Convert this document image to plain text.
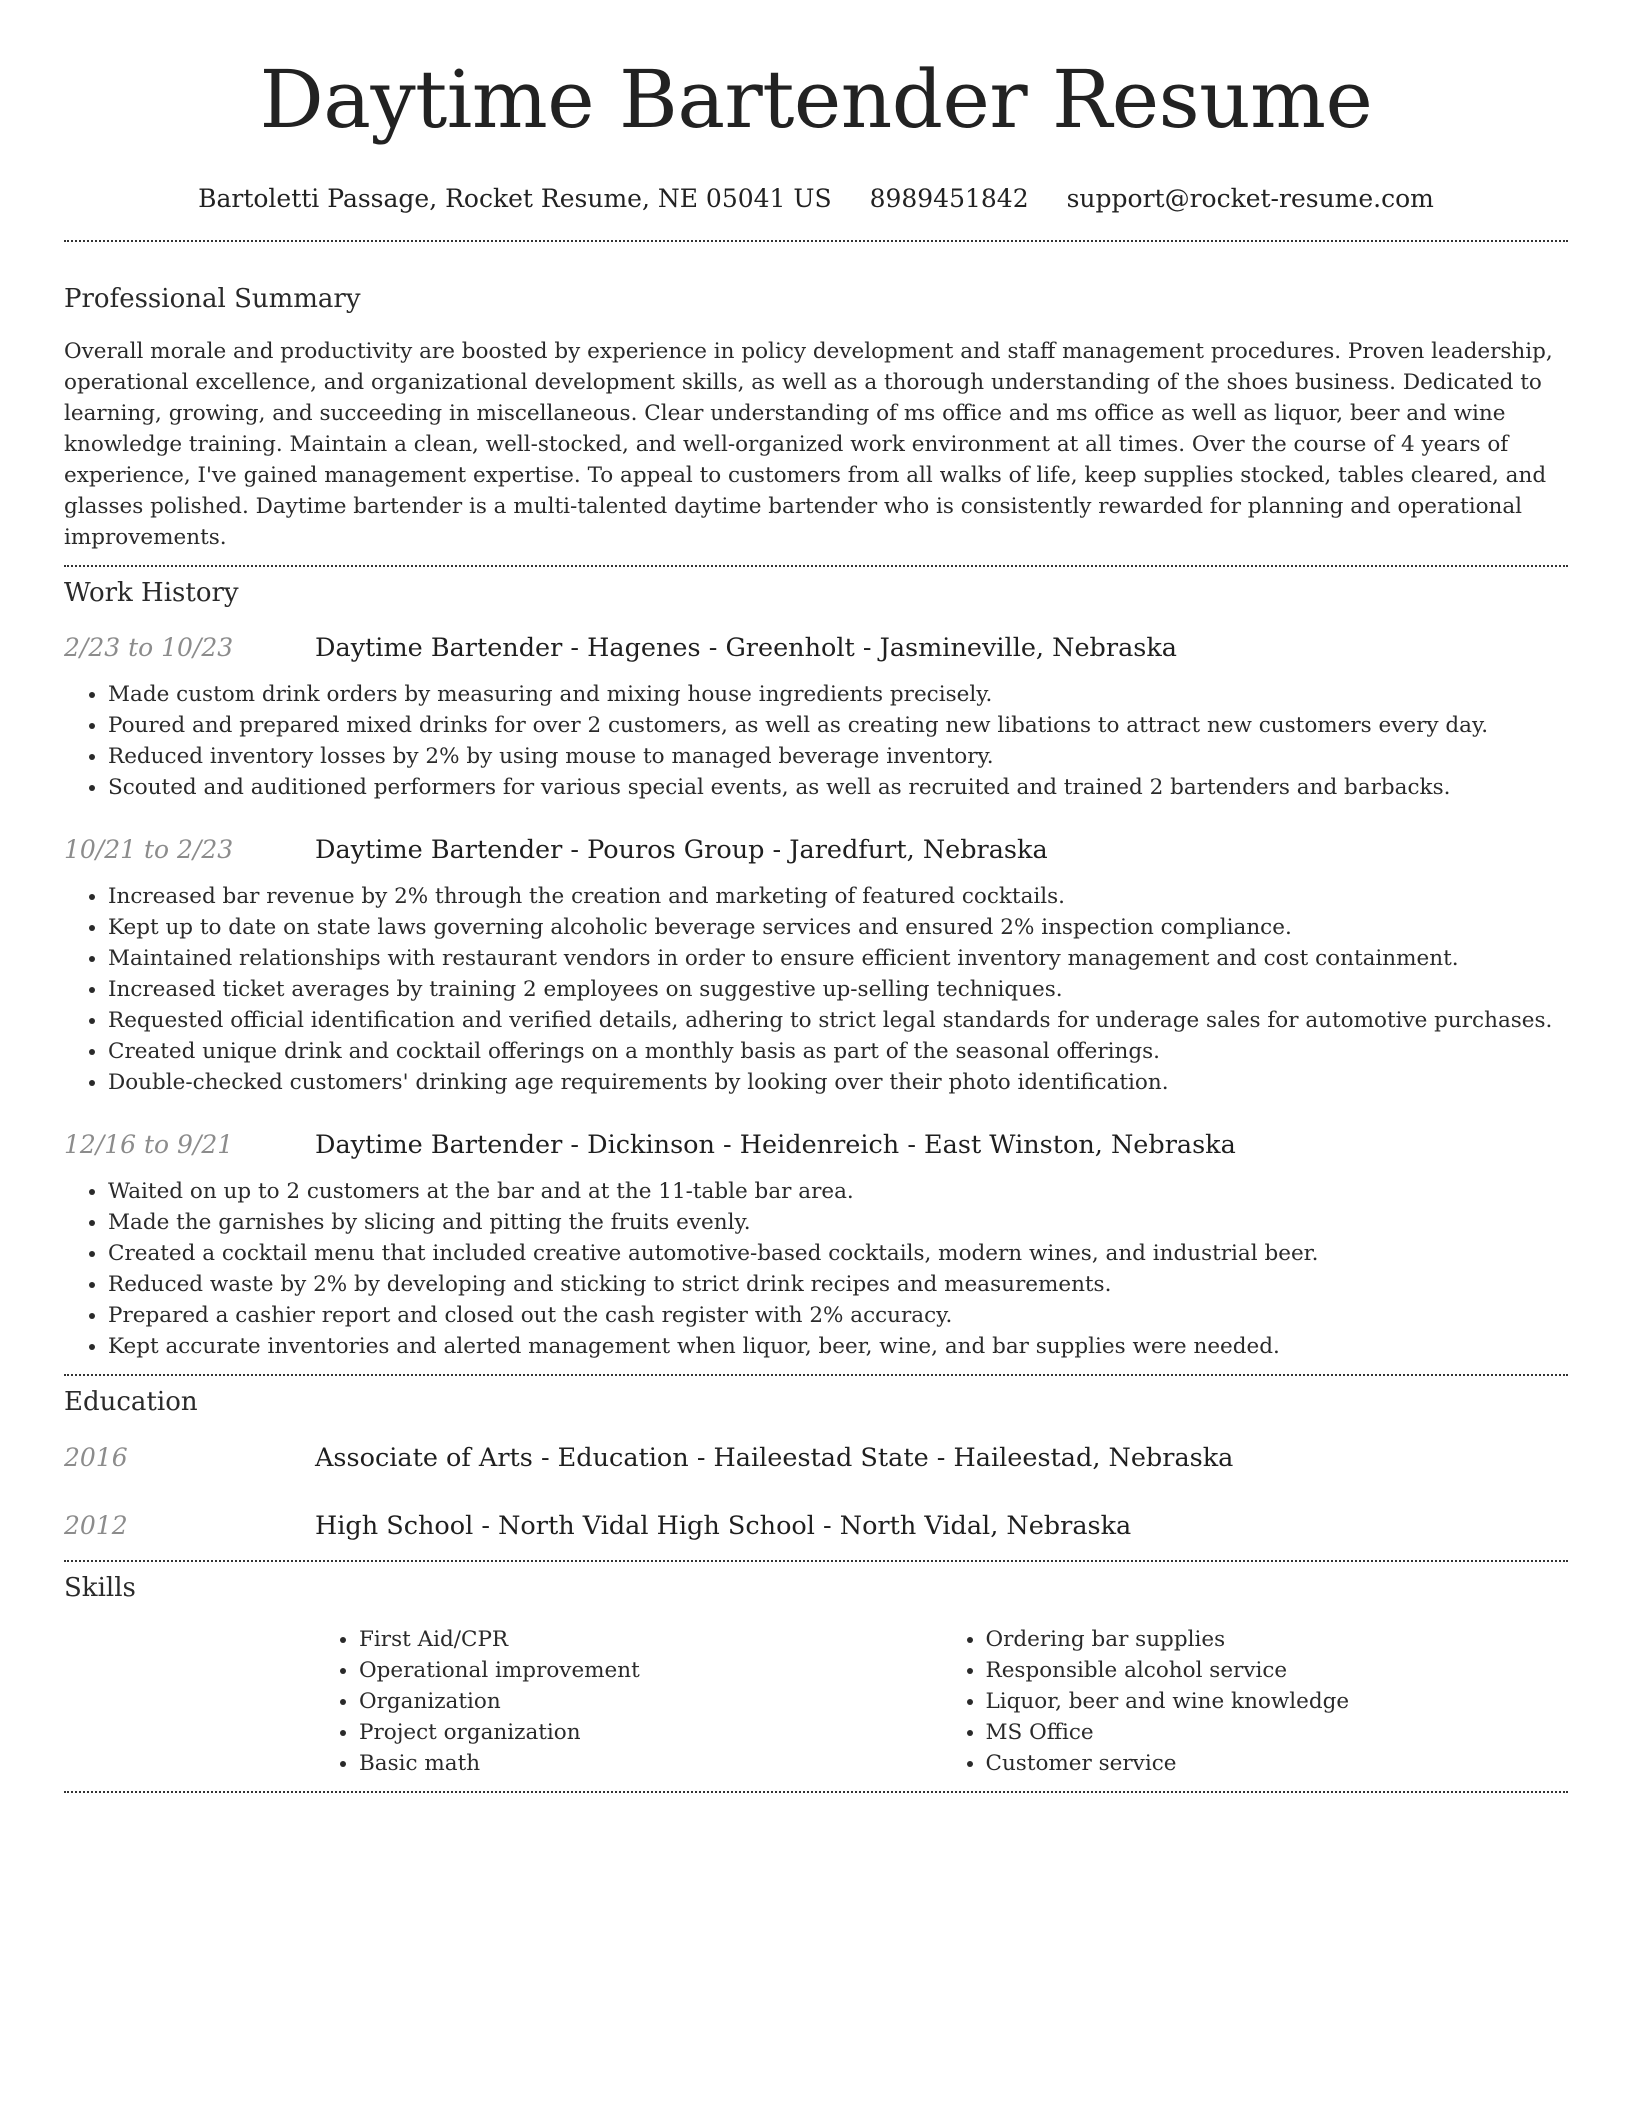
Daytime Bartender Resume
Bartoletti Passage, Rocket Resume, NE 05041 US 8989451842 support@rocket-resume.com
Professional Summary

Overall morale and productivity are boosted by experience in policy development and staff management procedures. Proven leadership, operational excellence, and organizational development skills, as well as a thorough understanding of the shoes business. Dedicated to learning, growing, and succeeding in miscellaneous. Clear understanding of ms office and ms office as well as liquor, beer and wine knowledge training. Maintain a clean, well-stocked, and well-organized work environment at all times. Over the course of 4 years of experience, I've gained management expertise. To appeal to customers from all walks of life, keep supplies stocked, tables cleared, and glasses polished. Daytime bartender is a multi-talented daytime bartender who is consistently rewarded for planning and operational improvements.

Work History
2/23 to 10/23	Daytime Bartender - Hagenes - Greenholt - Jasmineville, Nebraska
• Made custom drink orders by measuring and mixing house ingredients precisely.
• Poured and prepared mixed drinks for over 2 customers, as well as creating new libations to attract new customers every day.
• Reduced inventory losses by 2% by using mouse to managed beverage inventory.
• Scouted and auditioned performers for various special events, as well as recruited and trained 2 bartenders and barbacks.
10/21 to 2/23	Daytime Bartender - Pouros Group - Jaredfurt, Nebraska
• Increased bar revenue by 2% through the creation and marketing of featured cocktails.
• Kept up to date on state laws governing alcoholic beverage services and ensured 2% inspection compliance.
• Maintained relationships with restaurant vendors in order to ensure efficient inventory management and cost containment.
• Increased ticket averages by training 2 employees on suggestive up-selling techniques.
• Requested official identification and verified details, adhering to strict legal standards for underage sales for automotive purchases.
• Created unique drink and cocktail offerings on a monthly basis as part of the seasonal offerings.
• Double-checked customers' drinking age requirements by looking over their photo identification.
12/16 to 9/21	Daytime Bartender - Dickinson - Heidenreich - East Winston, Nebraska
• Waited on up to 2 customers at the bar and at the 11-table bar area.
• Made the garnishes by slicing and pitting the fruits evenly.
• Created a cocktail menu that included creative automotive-based cocktails, modern wines, and industrial beer.
• Reduced waste by 2% by developing and sticking to strict drink recipes and measurements.
• Prepared a cashier report and closed out the cash register with 2% accuracy.
• Kept accurate inventories and alerted management when liquor, beer, wine, and bar supplies were needed.
Education
2016	Associate of Arts - Education - Haileestad State - Haileestad, Nebraska
2012	High School - North Vidal High School - North Vidal, Nebraska
Skills
• First Aid/CPR
• Operational improvement
• Organization
• Project organization
• Basic math
• Ordering bar supplies
• Responsible alcohol service
• Liquor, beer and wine knowledge
• MS Office
• Customer service
